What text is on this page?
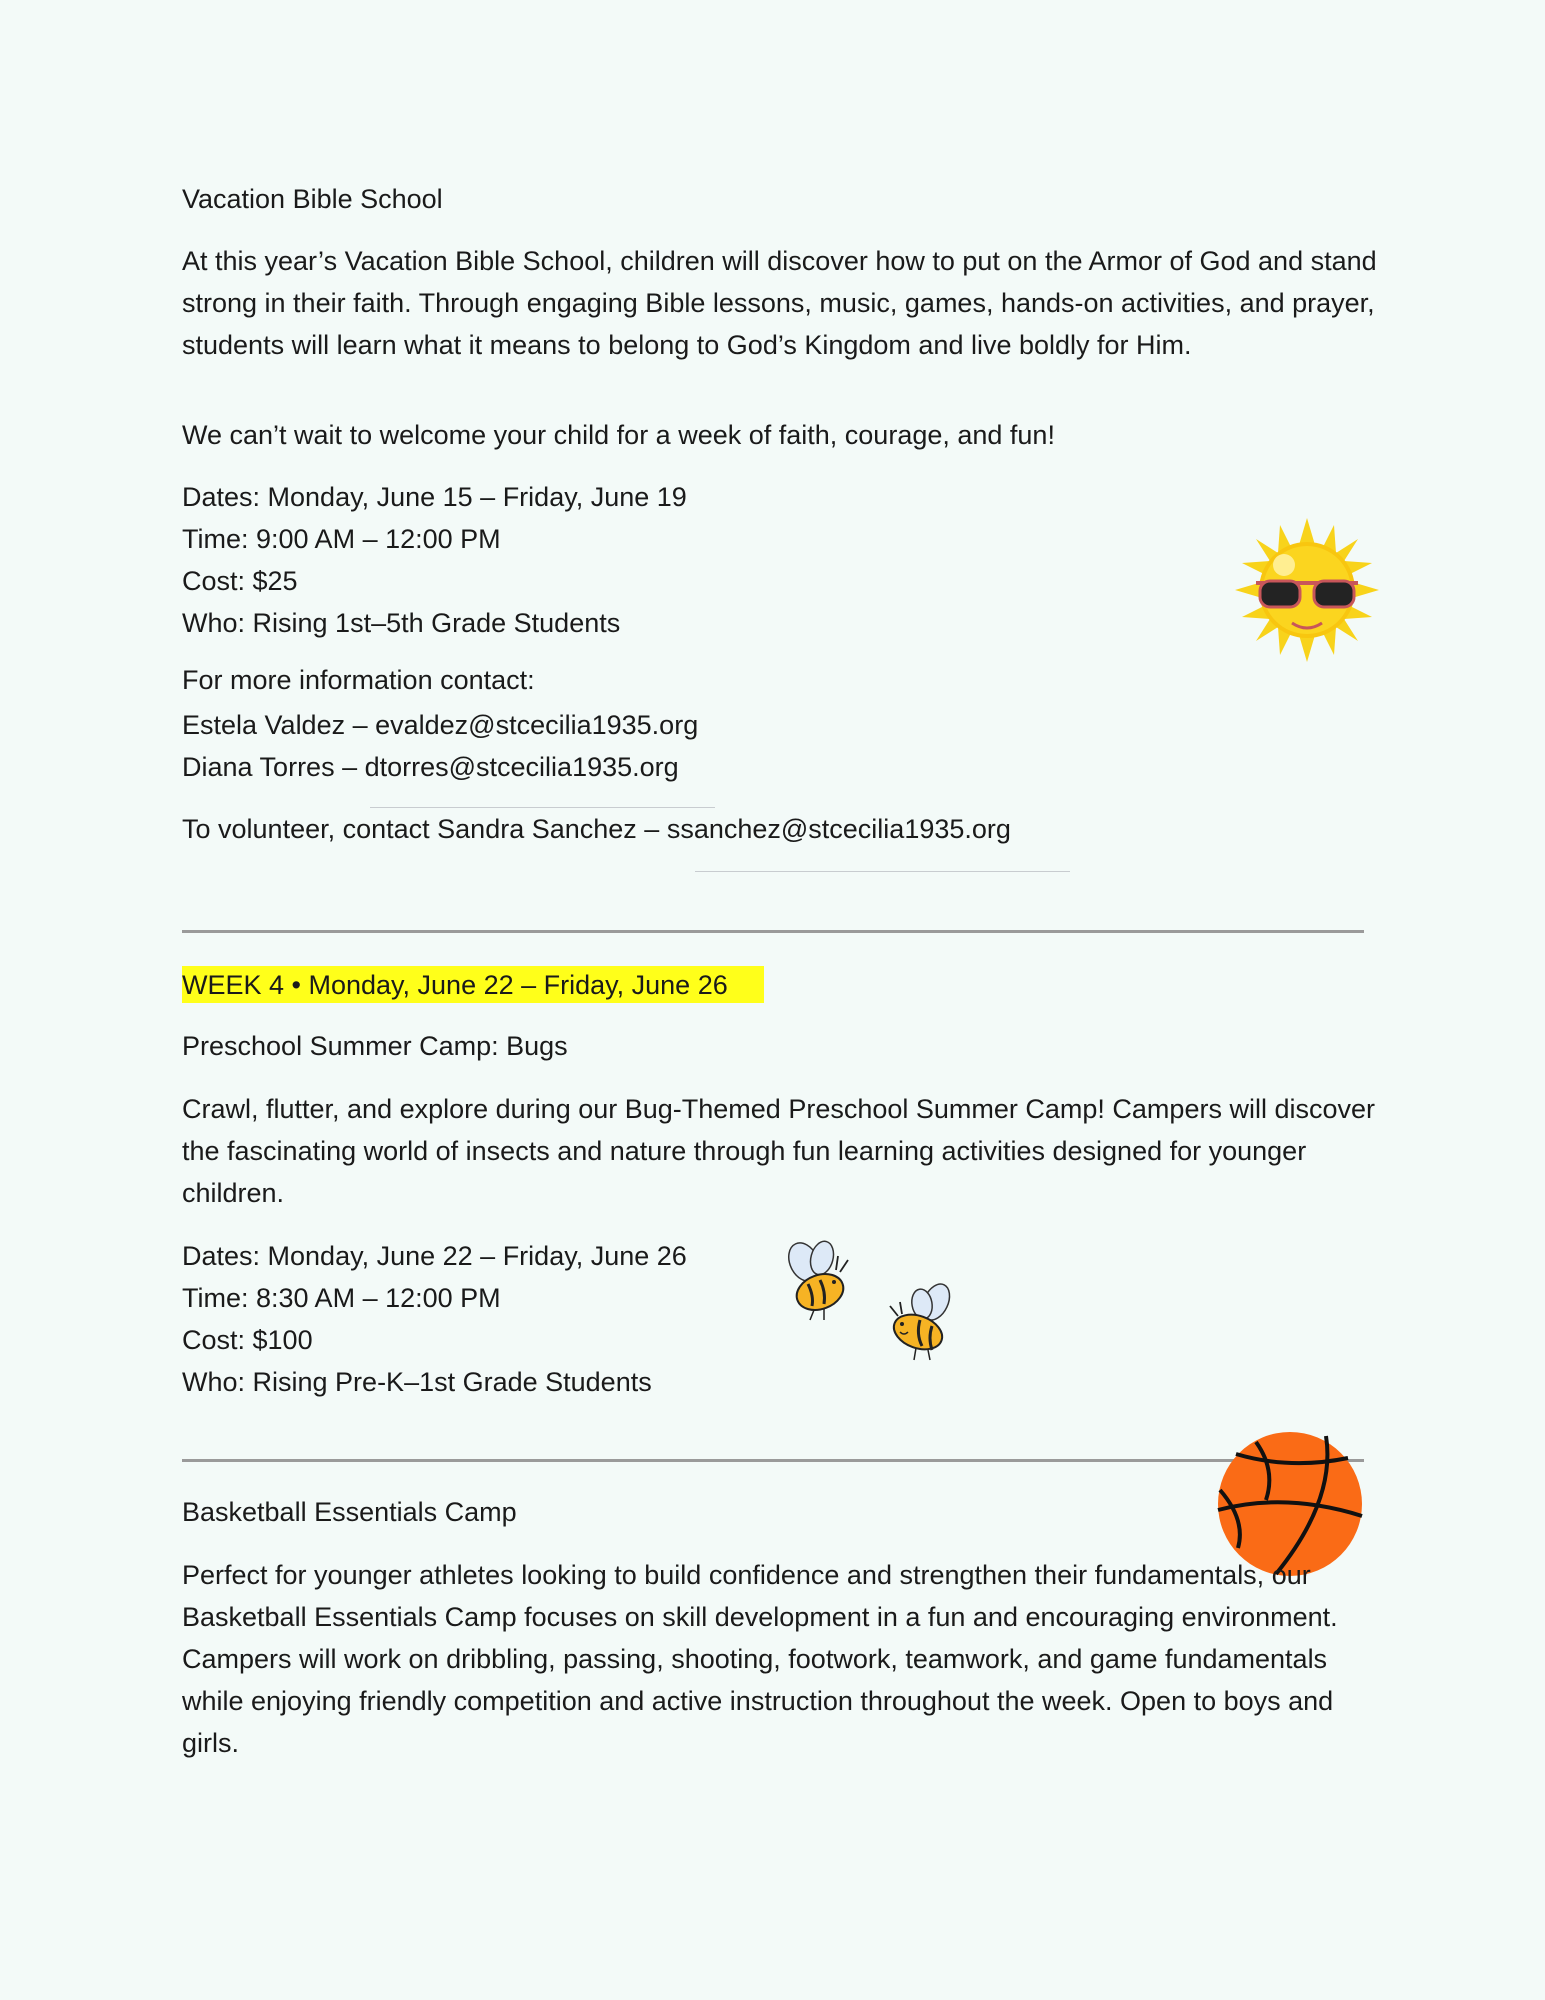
Vacation Bible School

At this year’s Vacation Bible School, children will discover how to put on the Armor of God and stand strong in their faith. Through engaging Bible lessons, music, games, hands-on activities, and prayer, students will learn what it means to belong to God’s Kingdom and live boldly for Him.

We can’t wait to welcome your child for a week of faith, courage, and fun!

Dates: Monday, June 15 – Friday, June 19

Time: 9:00 AM – 12:00 PM

Cost: $25

Who: Rising 1st–5th Grade Students

For more information contact:

Estela Valdez – evaldez@stcecilia1935.org

Diana Torres – dtorres@stcecilia1935.org

To volunteer, contact Sandra Sanchez – ssanchez@stcecilia1935.org

WEEK 4 • Monday, June 22 – Friday, June 26

Preschool Summer Camp: Bugs

Crawl, flutter, and explore during our Bug-Themed Preschool Summer Camp! Campers will discover the fascinating world of insects and nature through fun learning activities designed for younger children.

Dates: Monday, June 22 – Friday, June 26

Time: 8:30 AM – 12:00 PM

Cost: $100

Who: Rising Pre-K–1st Grade Students

Basketball Essentials Camp

Perfect for younger athletes looking to build confidence and strengthen their fundamentals, our Basketball Essentials Camp focuses on skill development in a fun and encouraging environment. Campers will work on dribbling, passing, shooting, footwork, teamwork, and game fundamentals while enjoying friendly competition and active instruction throughout the week. Open to boys and girls.
